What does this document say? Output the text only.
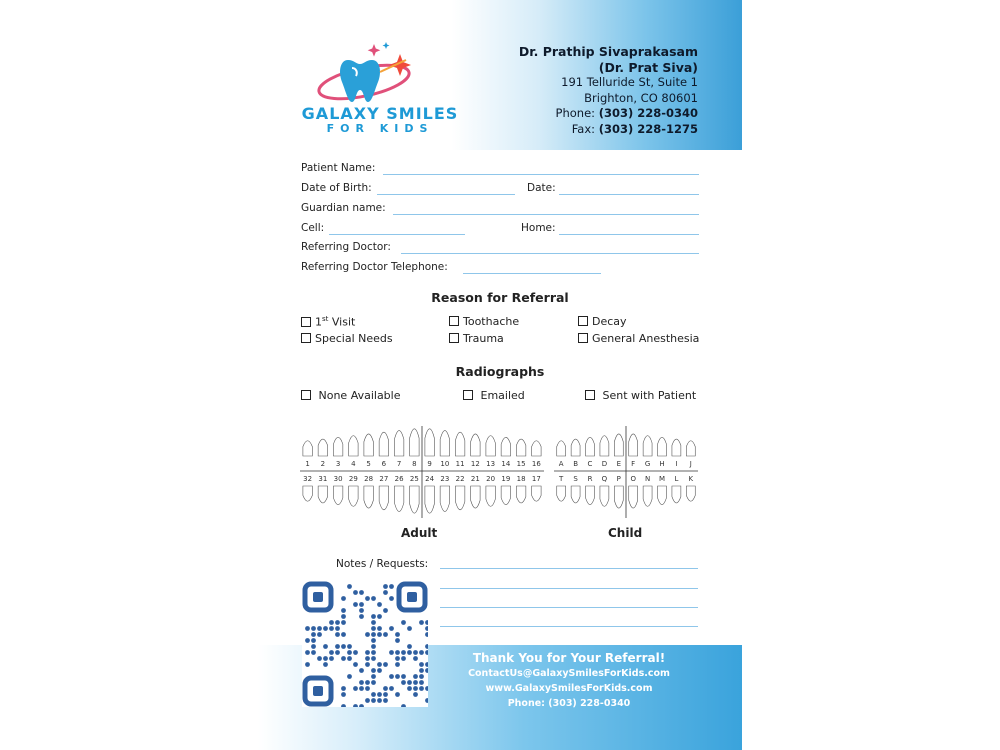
GALAXY SMILES
FOR KIDS
Dr. Prathip Sivaprakasam
(Dr. Prat Siva)
191 Telluride St, Suite 1
Brighton, CO 80601
Phone: (303) 228-0340
Fax: (303) 228-1275
Patient Name:
Date of Birth:	Date:
Guardian name:
Cell:	Home:
Referring Doctor:
Referring Doctor Telephone:
Reason for Referral
1st Visit	Toothache	Decay
Special Needs	Trauma	General Anesthesia
Radiographs
None Available	Emailed	Sent with Patient
1 2 3 4 5 6 7 8 9 10 11 12 13 14 15 16
32 31 30 29 28 27 26 25 24 23 22 21 20 19 18 17
A B C D E F G H I J
T S R Q P O N M L K
Adult	Child
Notes / Requests:
Thank You for Your Referral!
ContactUs@GalaxySmilesForKids.com
www.GalaxySmilesForKids.com
Phone: (303) 228-0340
